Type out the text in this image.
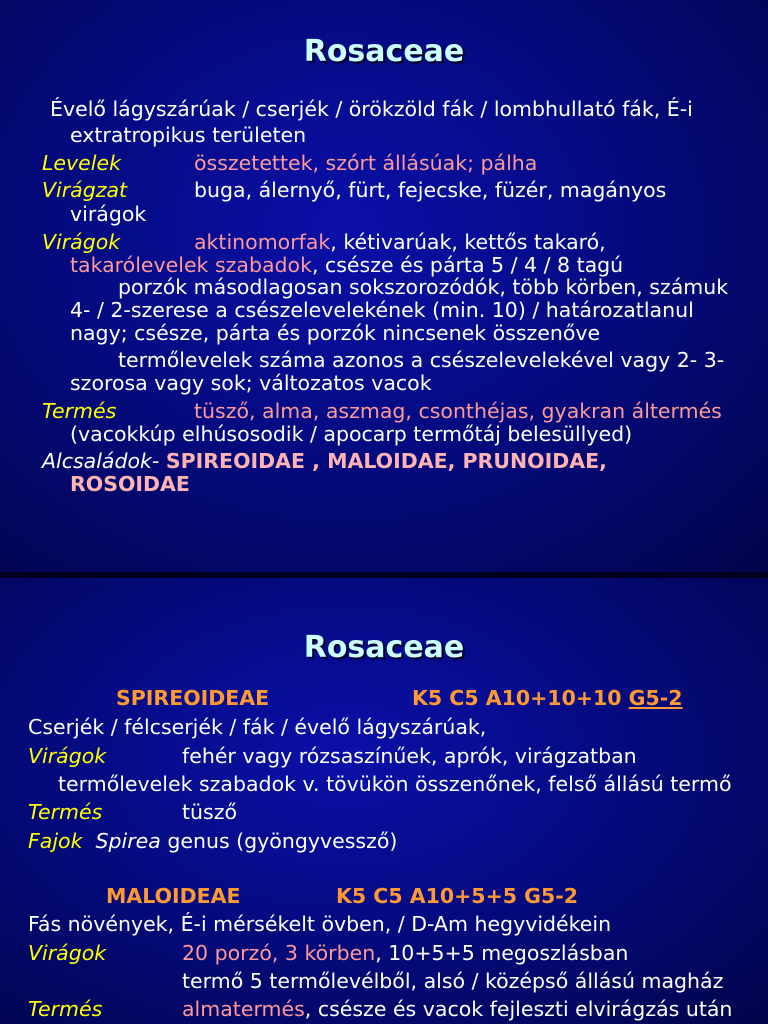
Rosaceae
Évelő lágyszárúak / cserjék / örökzöld fák / lombhullató fák, É-i
extratropikus területen
Levelek	összetettek, szórt állásúak; pálha
Virágzat	buga, álernyő, fürt, fejecske, füzér, magányos
virágok
Virágok	aktinomorfak, kétivarúak, kettős takaró,
takarólevelek szabadok, csésze és párta 5 / 4 / 8 tagú
porzók másodlagosan sokszorozódók, több körben, számuk
4- / 2-szerese a csészelevelekének (min. 10) / határozatlanul
nagy; csésze, párta és porzók nincsenek összenőve
termőlevelek száma azonos a csészelevelekével vagy 2- 3-
szorosa vagy sok; változatos vacok
Termés	tüsző, alma, aszmag, csonthéjas, gyakran áltermés
(vacokkúp elhúsosodik / apocarp termőtáj belesüllyed)
Alcsaládok- SPIREOIDAE , MALOIDAE, PRUNOIDAE,
ROSOIDAE
Rosaceae
SPIREOIDEAE	K5 C5 A10+10+10 G5-2
Cserjék / félcserjék / fák / évelő lágyszárúak,
Virágok	fehér vagy rózsaszínűek, aprók, virágzatban
termőlevelek szabadok v. tövükön összenőnek, felső állású termő
Termés	tüsző
Fajok Spirea genus (gyöngyvessző)
MALOIDEAE	K5 C5 A10+5+5 G5-2
Fás növények, É-i mérsékelt övben, / D-Am hegyvidékein
Virágok	20 porzó, 3 körben, 10+5+5 megoszlásban
termő 5 termőlevélből, alsó / középső állású magház
Termés	almatermés, csésze és vacok fejleszti elvirágzás után
